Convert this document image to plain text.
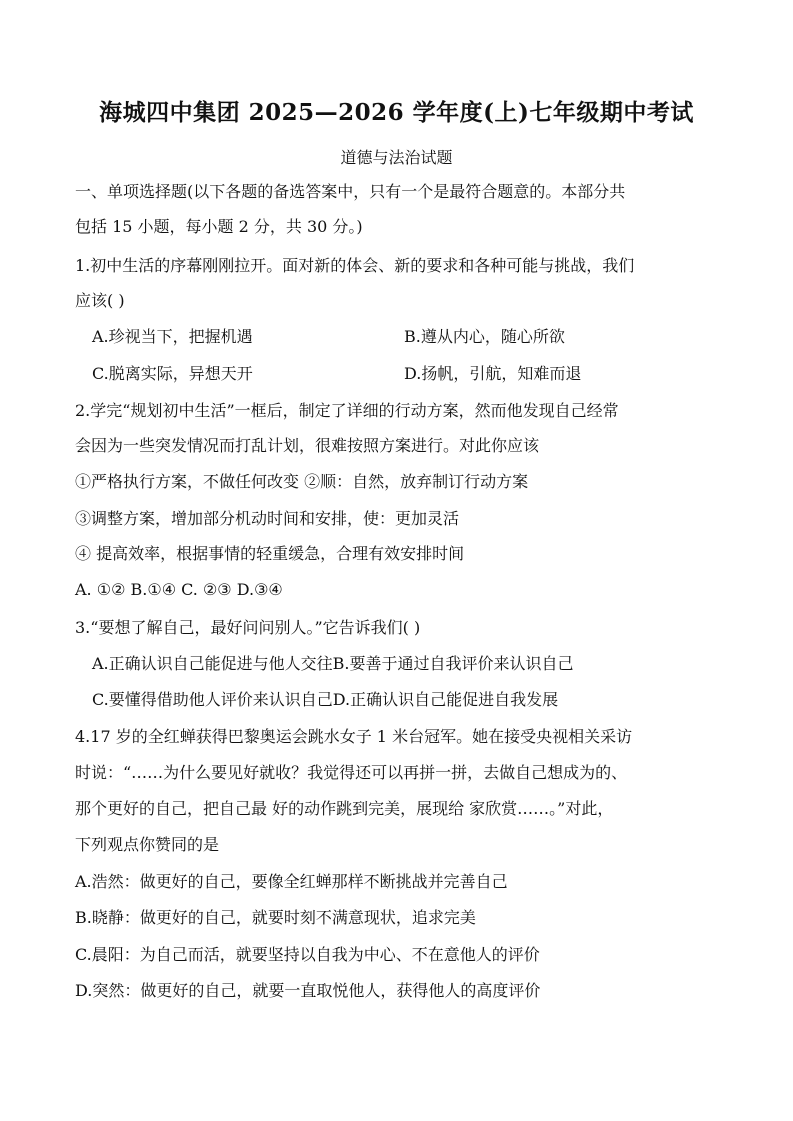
海城四中集团 2025—2026 学年度(上)七年级期中考试
道德与法治试题
一、单项选择题(以下各题的备选答案中，只有一个是最符合题意的。本部分共
包括 15 小题，每小题 2 分，共 30 分。)
1.初中生活的序幕刚刚拉开。面对新的体会、新的要求和各种可能与挑战，我们
应该( )
A.珍视当下，把握机遇	B.遵从内心，随心所欲
C.脱离实际，异想天开	D.扬帆，引航，知难而退
2.学完“规划初中生活”一框后，制定了详细的行动方案，然而他发现自己经常
会因为一些突发情况而打乱计划，很难按照方案进行。对此你应该
①严格执行方案，不做任何改变 ②顺：自然，放弃制订行动方案
③调整方案，增加部分机动时间和安排，使：更加灵活
④ 提高效率，根据事情的轻重缓急，合理有效安排时间
A. ①② B.①④ C. ②③ D.③④
3.“要想了解自己，最好问问别人。”它告诉我们( )
A.正确认识自己能促进与他人交往B.要善于通过自我评价来认识自己
C.要懂得借助他人评价来认识自己D.正确认识自己能促进自我发展
4.17 岁的全红蝉获得巴黎奥运会跳水女子 1 米台冠军。她在接受央视相关采访
时说：“……为什么要见好就收？我觉得还可以再拼一拼，去做自己想成为的、
那个更好的自己，把自己最 好的动作跳到完美，展现给 家欣赏……。”对此，
下列观点你赞同的是
A.浩然：做更好的自己，要像全红蝉那样不断挑战并完善自己
B.晓静：做更好的自己，就要时刻不满意现状，追求完美
C.晨阳：为自己而活，就要坚持以自我为中心、不在意他人的评价
D.突然：做更好的自己，就要一直取悦他人，获得他人的高度评价
